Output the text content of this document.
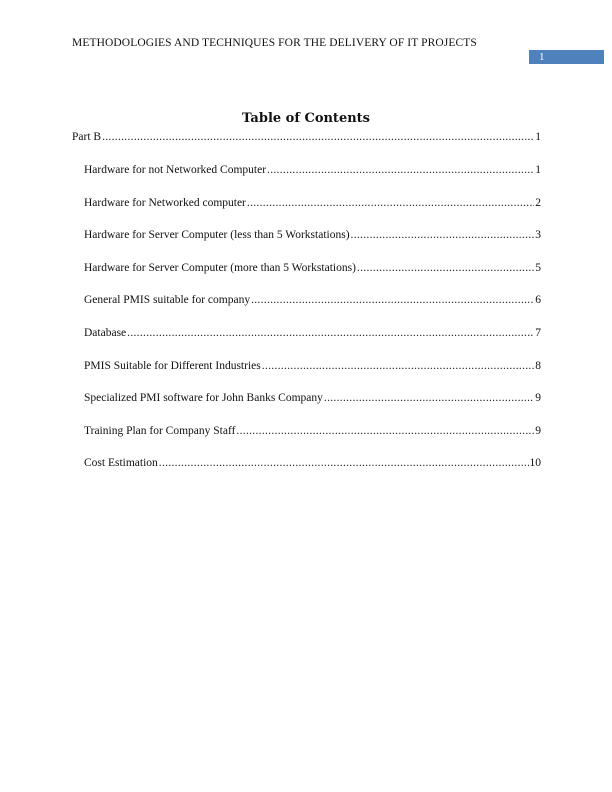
METHODOLOGIES AND TECHNIQUES FOR THE DELIVERY OF IT PROJECTS
1
Table of Contents
Part B .....	1
Hardware for not Networked Computer .....	1
Hardware for Networked computer .....	2
Hardware for Server Computer (less than 5 Workstations) .....	3
Hardware for Server Computer (more than 5 Workstations) .....	5
General PMIS suitable for company .....	6
Database .....	7
PMIS Suitable for Different Industries .....	8
Specialized PMI software for John Banks Company .....	9
Training Plan for Company Staff .....	9
Cost Estimation .....	10
